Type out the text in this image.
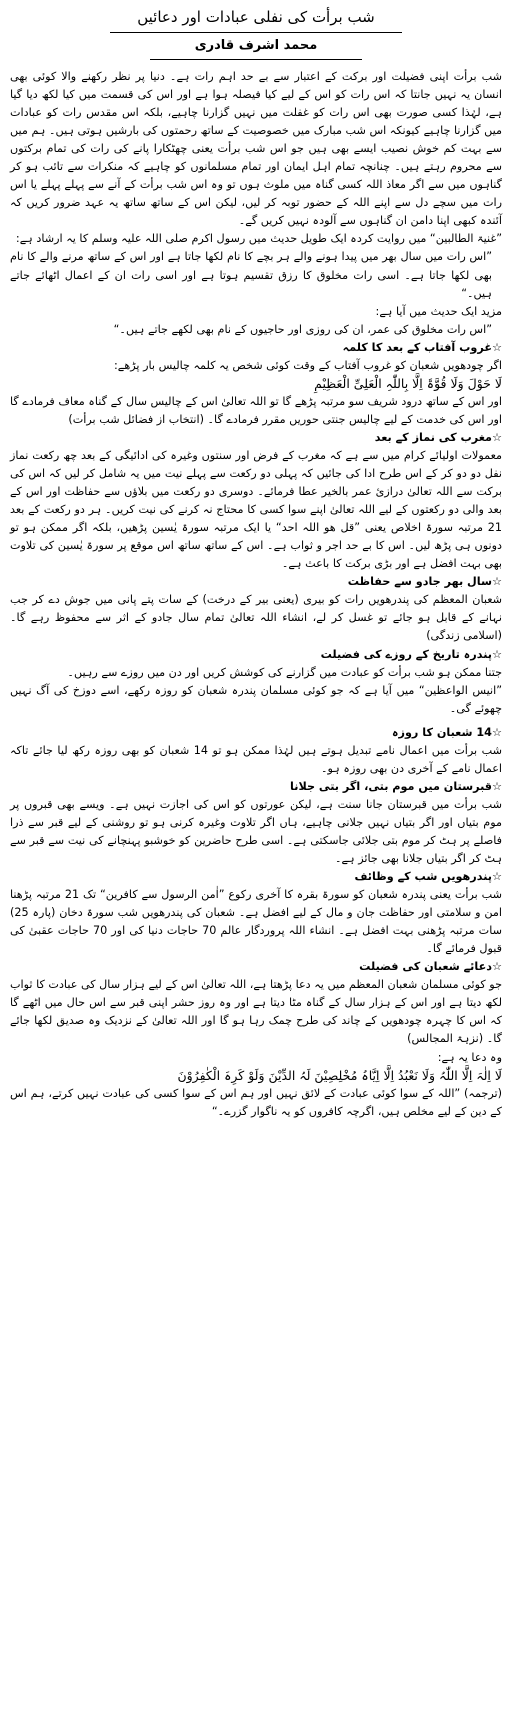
شب برأت کی نفلی عبادات اور دعائیں
محمد اشرف قادری

شب برأت اپنی فضیلت اور برکت کے اعتبار سے بے حد اہم رات ہے۔ دنیا پر نظر رکھنے والا کوئی بھی انسان یہ نہیں جانتا کہ اس رات کو اس کے لیے کیا فیصلہ ہوا ہے اور اس کی قسمت میں کیا لکھ دیا گیا ہے، لہٰذا کسی صورت بھی اس رات کو غفلت میں نہیں گزارنا چاہیے، بلکہ اس مقدس رات کو عبادات میں گزارنا چاہیے کیونکہ اس شب مبارک میں خصوصیت کے ساتھ رحمتوں کی بارشیں ہوتی ہیں۔ ہم میں سے بہت کم خوش نصیب ایسے بھی ہیں جو اس شب برأت یعنی چھٹکارا پانے کی رات کی تمام برکتوں سے محروم رہتے ہیں۔ چنانچہ تمام اہل ایمان اور تمام مسلمانوں کو چاہیے کہ منکرات سے تائب ہو کر گناہوں میں سے اگر معاذ اللہ کسی گناہ میں ملوث ہوں تو وہ اس شب برأت کے آنے سے پہلے پہلے یا اس رات میں سچے دل سے اپنے اللہ کے حضور توبہ کر لیں، لیکن اس کے ساتھ ساتھ یہ عہد ضرور کریں کہ آئندہ کبھی اپنا دامن ان گناہوں سے آلودہ نہیں کریں گے۔

”غنیۃ الطالبین“ میں روایت کردہ ایک طویل حدیث میں رسول اکرم صلی اللہ علیہ وسلم کا یہ ارشاد ہے:

”اس رات میں سال بھر میں پیدا ہونے والے ہر بچے کا نام لکھا جاتا ہے اور اس کے ساتھ مرنے والے کا نام بھی لکھا جاتا ہے۔ اسی رات مخلوق کا رزق تقسیم ہوتا ہے اور اسی رات ان کے اعمال اٹھائے جاتے ہیں۔“

مزید ایک حدیث میں آیا ہے:

”اس رات مخلوق کی عمر، ان کی روزی اور حاجیوں کے نام بھی لکھے جاتے ہیں۔“

☆غروب آفتاب کے بعد کا کلمہ

اگر چودھویں شعبان کو غروب آفتاب کے وقت کوئی شخص یہ کلمہ چالیس بار پڑھے:

لَا حَوْلَ وَلَا قُوَّۃَ اِلَّا بِاللّٰہِ الْعَلِیِّ الْعَظِیْمِ

اور اس کے ساتھ درود شریف سو مرتبہ پڑھے گا تو اللہ تعالیٰ اس کے چالیس سال کے گناہ معاف فرمادے گا اور اس کی خدمت کے لیے چالیس جنتی حوریں مقرر فرمادے گا۔ (انتخاب از فضائل شب برأت)

☆مغرب کی نماز کے بعد

معمولات اولیائے کرام میں سے ہے کہ مغرب کے فرض اور سنتوں وغیرہ کی ادائیگی کے بعد چھ رکعت نماز نفل دو دو کر کے اس طرح ادا کی جائیں کہ پہلی دو رکعت سے پہلے نیت میں یہ شامل کر لیں کہ اس کی برکت سے اللہ تعالیٰ درازیٔ عمر بالخیر عطا فرمائے۔ دوسری دو رکعت میں بلاؤں سے حفاظت اور اس کے بعد والی دو رکعتوں کے لیے اللہ تعالیٰ اپنے سوا کسی کا محتاج نہ کرنے کی نیت کریں۔ ہر دو رکعت کے بعد 21 مرتبہ سورۃ اخلاص یعنی ”قل ھو اللہ احد“ یا ایک مرتبہ سورۃ یٰسین پڑھیں، بلکہ اگر ممکن ہو تو دونوں ہی پڑھ لیں۔ اس کا بے حد اجر و ثواب ہے۔ اس کے ساتھ ساتھ اس موقع پر سورۃ یٰسین کی تلاوت بھی بہت افضل ہے اور بڑی برکت کا باعث ہے۔

☆سال بھر جادو سے حفاظت

شعبان المعظم کی پندرھویں رات کو بیری (یعنی بیر کے درخت) کے سات پتے پانی میں جوش دے کر جب نہانے کے قابل ہو جائے تو غسل کر لے، انشاء اللہ تعالیٰ تمام سال جادو کے اثر سے محفوظ رہے گا۔ (اسلامی زندگی)

☆پندرہ تاریخ کے روزے کی فضیلت

جتنا ممکن ہو شب برأت کو عبادت میں گزارنے کی کوشش کریں اور دن میں روزے سے رہیں۔

”انیس الواعظین“ میں آیا ہے کہ جو کوئی مسلمان پندرہ شعبان کو روزہ رکھے، اسے دوزخ کی آگ نہیں چھوئے گی۔

☆14 شعبان کا روزہ

شب برأت میں اعمال نامے تبدیل ہوتے ہیں لہٰذا ممکن ہو تو 14 شعبان کو بھی روزہ رکھ لیا جائے تاکہ اعمال نامے کے آخری دن بھی روزہ ہو۔

☆قبرستان میں موم بتی، اگر بتی جلانا

شب برأت میں قبرستان جانا سنت ہے، لیکن عورتوں کو اس کی اجازت نہیں ہے۔ ویسے بھی قبروں پر موم بتیاں اور اگر بتیاں نہیں جلانی چاہیے، ہاں اگر تلاوت وغیرہ کرنی ہو تو روشنی کے لیے قبر سے ذرا فاصلے پر ہٹ کر موم بتی جلائی جاسکتی ہے۔ اسی طرح حاضرین کو خوشبو پہنچانے کی نیت سے قبر سے ہٹ کر اگر بتیاں جلانا بھی جائز ہے۔

☆پندرھویں شب کے وظائف

شب برأت یعنی پندرہ شعبان کو سورۃ بقرہ کا آخری رکوع ”اٰمن الرسول سے کافرین“ تک 21 مرتبہ پڑھنا امن و سلامتی اور حفاظت جان و مال کے لیے افضل ہے۔ شعبان کی پندرھویں شب سورۃ دخان (پارہ 25) سات مرتبہ پڑھنی بہت افضل ہے۔ انشاء اللہ پروردگار عالم 70 حاجات دنیا کی اور 70 حاجات عقبیٰ کی قبول فرمائے گا۔

☆دعائے شعبان کی فضیلت

جو کوئی مسلمان شعبان المعظم میں یہ دعا پڑھتا ہے، اللہ تعالیٰ اس کے لیے ہزار سال کی عبادت کا ثواب لکھ دیتا ہے اور اس کے ہزار سال کے گناہ مٹا دیتا ہے اور وہ روز حشر اپنی قبر سے اس حال میں اٹھے گا کہ اس کا چہرہ چودھویں کے چاند کی طرح چمک رہا ہو گا اور اللہ تعالیٰ کے نزدیک وہ صدیق لکھا جائے گا۔ (نزہۃ المجالس)

وہ دعا یہ ہے:

لَا اِلٰہَ اِلَّا اللّٰہُ وَلَا نَعْبُدُ اِلَّا اِیَّاہُ مُخْلِصِیْنَ لَہُ الدِّیْنَ وَلَوْ کَرِہَ الْکٰفِرُوْنَ

(ترجمہ) ”اللہ کے سوا کوئی عبادت کے لائق نہیں اور ہم اس کے سوا کسی کی عبادت نہیں کرتے، ہم اس کے دین کے لیے مخلص ہیں، اگرچہ کافروں کو یہ ناگوار گزرے۔“
